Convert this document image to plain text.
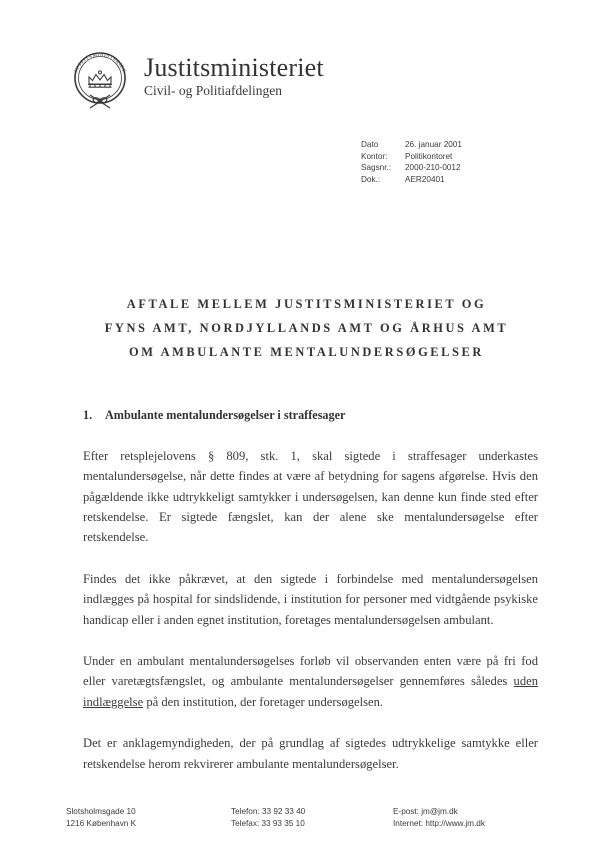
JUSTITSMINISTERIET Justitsministeriet
Civil- og Politiafdelingen
Dato	26. januar 2001
Kontor:	Politikontoret
Sagsnr.:	2000-210-0012
Dok.:	AER20401
AFTALE MELLEM JUSTITSMINISTERIET OG
FYNS AMT, NORDJYLLANDS AMT OG ÅRHUS AMT
OM AMBULANTE MENTALUNDERSØGELSER
1.	Ambulante mentalundersøgelser i straffesager

Efter retsplejelovens § 809, stk. 1, skal sigtede i straffesager underkastes mentalundersøgelse, når dette findes at være af betydning for sagens afgørelse. Hvis den pågældende ikke udtrykkeligt samtykker i undersøgelsen, kan denne kun finde sted efter retskendelse. Er sigtede fængslet, kan der alene ske mentalundersøgelse efter retskendelse.

Findes det ikke påkrævet, at den sigtede i forbindelse med mentalundersøgelsen indlægges på hospital for sindslidende, i institution for personer med vidtgående psykiske handicap eller i anden egnet institution, foretages mentalundersøgelsen ambulant.

Under en ambulant mentalundersøgelses forløb vil observanden enten være på fri fod eller varetægtsfængslet, og ambulante mentalundersøgelser gennemføres således uden indlæggelse på den institution, der foretager undersøgelsen.

Det er anklagemyndigheden, der på grundlag af sigtedes udtrykkelige samtykke eller retskendelse herom rekvirerer ambulante mentalundersøgelser.

Slotsholmsgade 10
1216 København K
Telefon: 33 92 33 40
Telefax: 33 93 35 10
E-post: jm@jm.dk
Internet: http://www.jm.dk
